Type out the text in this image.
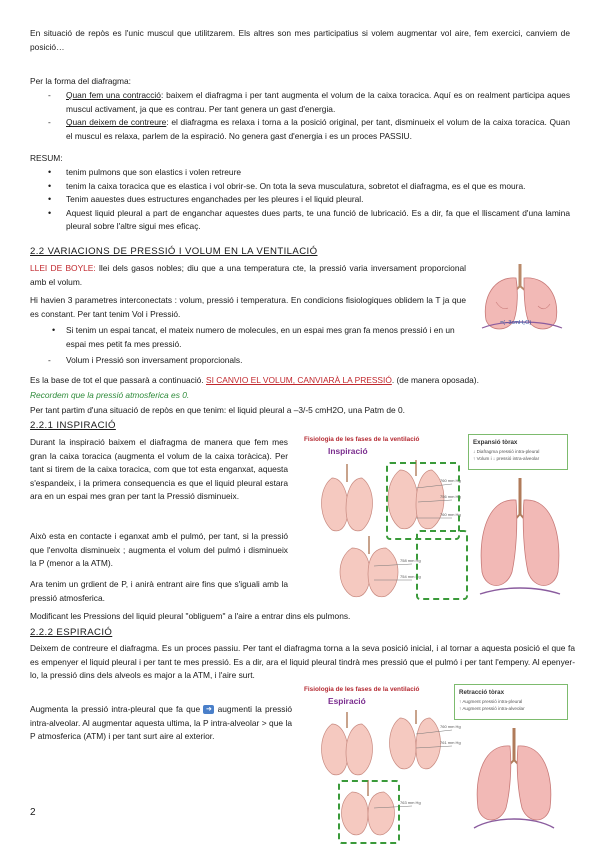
En situació de repòs es l'unic muscul que utilitzarem. Els altres son mes participatius si volem augmentar vol aire, fem exercici, canviem de posició…
Per la forma del diafragma:
- Quan fem una contracció: baixem el diafragma i per tant augmenta el volum de la caixa toracica. Aquí es on realment participa aques muscul activament, ja que es contrau. Per tant genera un gast d'energia.
- Quan deixem de contreure: el diafragma es relaxa i torna a la posició original, per tant, disminueix el volum de la caixa toracica. Quan el muscul es relaxa, parlem de la espiració. No genera gast d'energia i es un proces PASSIU.
RESUM:
• tenim pulmons que son elastics i volen retreure
• tenim la caixa toracica que es elastica i vol obrir-se. On tota la seva musculatura, sobretot el diafragma, es el que es moura.
• Tenim aauestes dues estructures enganchades per les pleures i el liquid pleural.
• Aquest liquid pleural a part de enganchar aquestes dues parts, te una funció de lubricació. Es a dir, fa que el lliscament d'una lamina pleural sobre l'altre sigui mes eficaç.
2.2 VARIACIONS DE PRESSIÓ I VOLUM EN LA VENTILACIÓ
LLEI DE BOYLE: llei dels gasos nobles; diu que a una temperatura cte, la pressió varia inversament proporcional amb el volum.
Hi havien 3 parametres interconectats : volum, pressió i temperatura. En condicions fisiologiques oblidem la T ja que es constant. Per tant tenim Vol i Pressió.
• Si tenim un espai tancat, el mateix numero de molecules, en un espai mes gran fa menos pressió i en un espai mes petit fa mes pressió.
- Volum i Pressió son inversament proporcionals.
Es la base de tot el que passarà a continuació. SI CANVIO EL VOLUM, CANVIARÀ LA PRESSIÓ. (de manera oposada).
Recordem que la pressió atmosferica es 0.
Per tant partim d'una situació de repòs en que tenim: el liquid pleural a –3/-5 cmH2O, una Patm de 0.
=(−3cmH₂O)
2.2.1 INSPIRACIÓ
Durant la inspiració baixem el diafragma de manera que fem mes gran la caixa toracica (augmenta el volum de la caixa toràcica). Per tant si tirem de la caixa toracica, com que tot esta enganxat, aquesta s'espandeix, i la primera consequencia es que el liquid pleural estara ara en un espai mes gran per tant la Pressió disminueix.
Això esta en contacte i eganxat amb el pulmó, per tant, si la pressió que l'envolta disminueix ; augmenta el volum del pulmó i disminueix la P (menor a la ATM).
Ara tenim un grdient de P, i anirà entrant aire fins que s'iguali amb la pressió atmosferica.
Modificant les Pressions del liquid pleural "obliguem" a l'aire a entrar dins els pulmons.
Fisiologia de les fases de la ventilació
Inspiració
760 mm Hg
756 mm Hg
760 mm Hg
758 mm Hg
754 mm Hg
Expansió tòrax
↓ Diafragma pressió intra-pleural
↑ Volum i ↓ pressió intra-alveolar
2.2.2 ESPIRACIÓ
Deixem de contreure el diafragma. Es un proces passiu. Per tant el diafragma torna a la seva posició inicial, i al tornar a aquesta posició el que fa es empenyer el liquid pleural i per tant te mes pressió. Es a dir, ara el liquid pleural tindrà mes pressió que el pulmó i per tant l'empeny. Al epenyer-lo, la pressió dins dels alveols es major a la ATM, i l'aire surt.
Augmenta la pressió intra-pleural que fa que ➜ augmenti la pressió intra-alveolar. Al augmentar aquesta ultima, la P intra-alveolar > que la P atmosferica (ATM) i per tant surt aire al exterior.
Fisiologia de les fases de la ventilació
Espiració
760 mm Hg
761 mm Hg
763 mm Hg
Retracció tòrax
↑ Augment pressió intra-pleural
↑ Augment pressió intra-alveolar
2
